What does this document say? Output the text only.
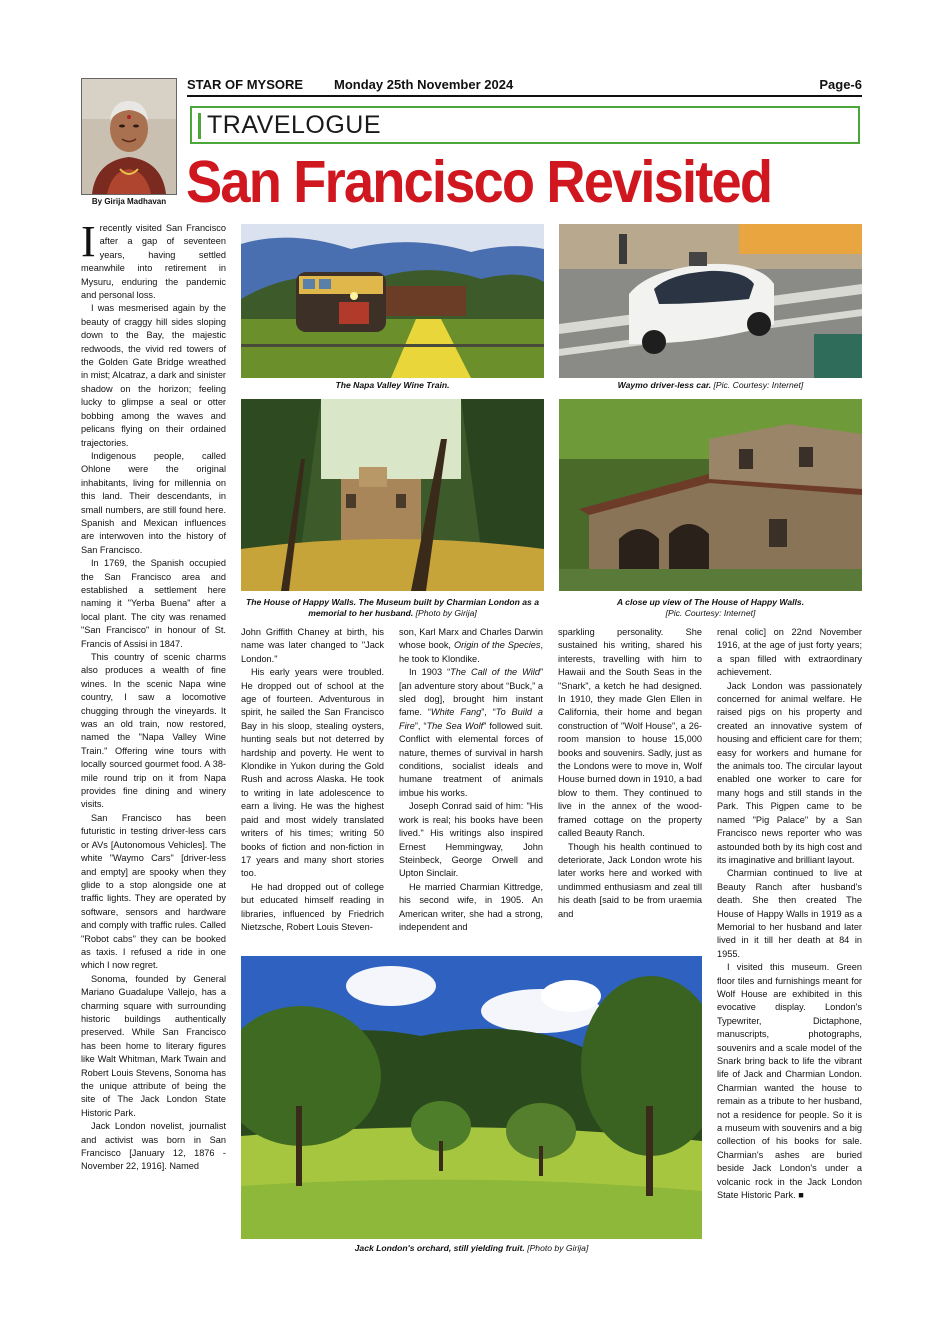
STAR OF MYSORE Monday 25th November 2024	Page-6
By Girija Madhavan
TRAVELOGUE
San Francisco Revisited

Irecently visited San Francisco after a gap of seventeen years, having settled meanwhile into retirement in Mysuru, enduring the pandemic and personal loss.

I was mesmerised again by the beauty of craggy hill sides sloping down to the Bay, the majestic redwoods, the vivid red towers of the Golden Gate Bridge wreathed in mist; Alcatraz, a dark and sinister shadow on the horizon; feeling lucky to glimpse a seal or otter bobbing among the waves and pelicans flying on their ordained trajectories.

Indigenous people, called Ohlone were the original inhabitants, living for millennia on this land. Their descendants, in small numbers, are still found here. Spanish and Mexican influences are interwoven into the history of San Francisco.

In 1769, the Spanish occupied the San Francisco area and established a settlement here naming it "Yerba Buena" after a local plant. The city was renamed "San Francisco" in honour of St. Francis of Assisi in 1847.

This country of scenic charms also produces a wealth of fine wines. In the scenic Napa wine country, I saw a locomotive chugging through the vineyards. It was an old train, now restored, named the "Napa Valley Wine Train." Offering wine tours with locally sourced gourmet food. A 38-mile round trip on it from Napa provides fine dining and winery visits.

San Francisco has been futuristic in testing driver-less cars or AVs [Autonomous Vehicles]. The white "Waymo Cars" [driver-less and empty] are spooky when they glide to a stop alongside one at traffic lights. They are operated by software, sensors and hardware and comply with traffic rules. Called "Robot cabs" they can be booked as taxis. I refused a ride in one which I now regret.

Sonoma, founded by General Mariano Guadalupe Vallejo, has a charming square with surrounding historic buildings authentically preserved. While San Francisco has been home to literary figures like Walt Whitman, Mark Twain and Robert Louis Stevens, Sonoma has the unique attribute of being the site of The Jack London State Historic Park.

Jack London novelist, journalist and activist was born in San Francisco [January 12, 1876 - November 22, 1916]. Named

The Napa Valley Wine Train.	Waymo driver-less car. [Pic. Courtesy: Internet]
The House of Happy Walls. The Museum built by Charmian London as a memorial to her husband. [Photo by Girija]
A close up view of The House of Happy Walls.
[Pic. Courtesy: Internet]

John Griffith Chaney at birth, his name was later changed to "Jack London."

His early years were troubled. He dropped out of school at the age of fourteen. Adventurous in spirit, he sailed the San Francisco Bay in his sloop, stealing oysters, hunting seals but not deterred by hardship and poverty. He went to Klondike in Yukon during the Gold Rush and across Alaska. He took to writing in late adolescence to earn a living. He was the highest paid and most widely translated writers of his times; writing 50 books of fiction and non-fiction in 17 years and many short stories too.

He had dropped out of college but educated himself reading in libraries, influenced by Friedrich Nietzsche, Robert Louis Steven-

son, Karl Marx and Charles Darwin whose book, Origin of the Species, he took to Klondike.

In 1903 “The Call of the Wild” [an adventure story about “Buck,” a sled dog], brought him instant fame. “White Fang”, “To Build a Fire”, “The Sea Wolf” followed suit. Conflict with elemental forces of nature, themes of survival in harsh conditions, socialist ideals and humane treatment of animals imbue his works.

Joseph Conrad said of him: "His work is real; his books have been lived." His writings also inspired Ernest Hemmingway, John Steinbeck, George Orwell and Upton Sinclair.

He married Charmian Kittredge, his second wife, in 1905. An American writer, she had a strong, independent and

sparkling personality. She sustained his writing, shared his interests, travelling with him to Hawaii and the South Seas in the "Snark", a ketch he had designed. In 1910, they made Glen Ellen in California, their home and began construction of "Wolf House", a 26-room mansion to house 15,000 books and souvenirs. Sadly, just as the Londons were to move in, Wolf House burned down in 1910, a bad blow to them. They continued to live in the annex of the wood-framed cottage on the property called Beauty Ranch.

Though his health continued to deteriorate, Jack London wrote his later works here and worked with undimmed enthusiasm and zeal till his death [said to be from uraemia and

renal colic] on 22nd November 1916, at the age of just forty years; a span filled with extraordinary achievement.

Jack London was passionately concerned for animal welfare. He raised pigs on his property and created an innovative system of housing and efficient care for them; easy for workers and humane for the animals too. The circular layout enabled one worker to care for many hogs and still stands in the Park. This Pigpen came to be named "Pig Palace" by a San Francisco news reporter who was astounded both by its high cost and its imaginative and brilliant layout.

Charmian continued to live at Beauty Ranch after husband's death. She then created The House of Happy Walls in 1919 as a Memorial to her husband and later lived in it till her death at 84 in 1955.

I visited this museum. Green floor tiles and furnishings meant for Wolf House are exhibited in this evocative display. London's Typewriter, Dictaphone, manuscripts, photographs, souvenirs and a scale model of the Snark bring back to life the vibrant life of Jack and Charmian London. Charmian wanted the house to remain as a tribute to her husband, not a residence for people. So it is a museum with souvenirs and a big collection of his books for sale. Charmian's ashes are buried beside Jack London's under a volcanic rock in the Jack London State Historic Park. ■

Jack London's orchard, still yielding fruit. [Photo by Girija]
